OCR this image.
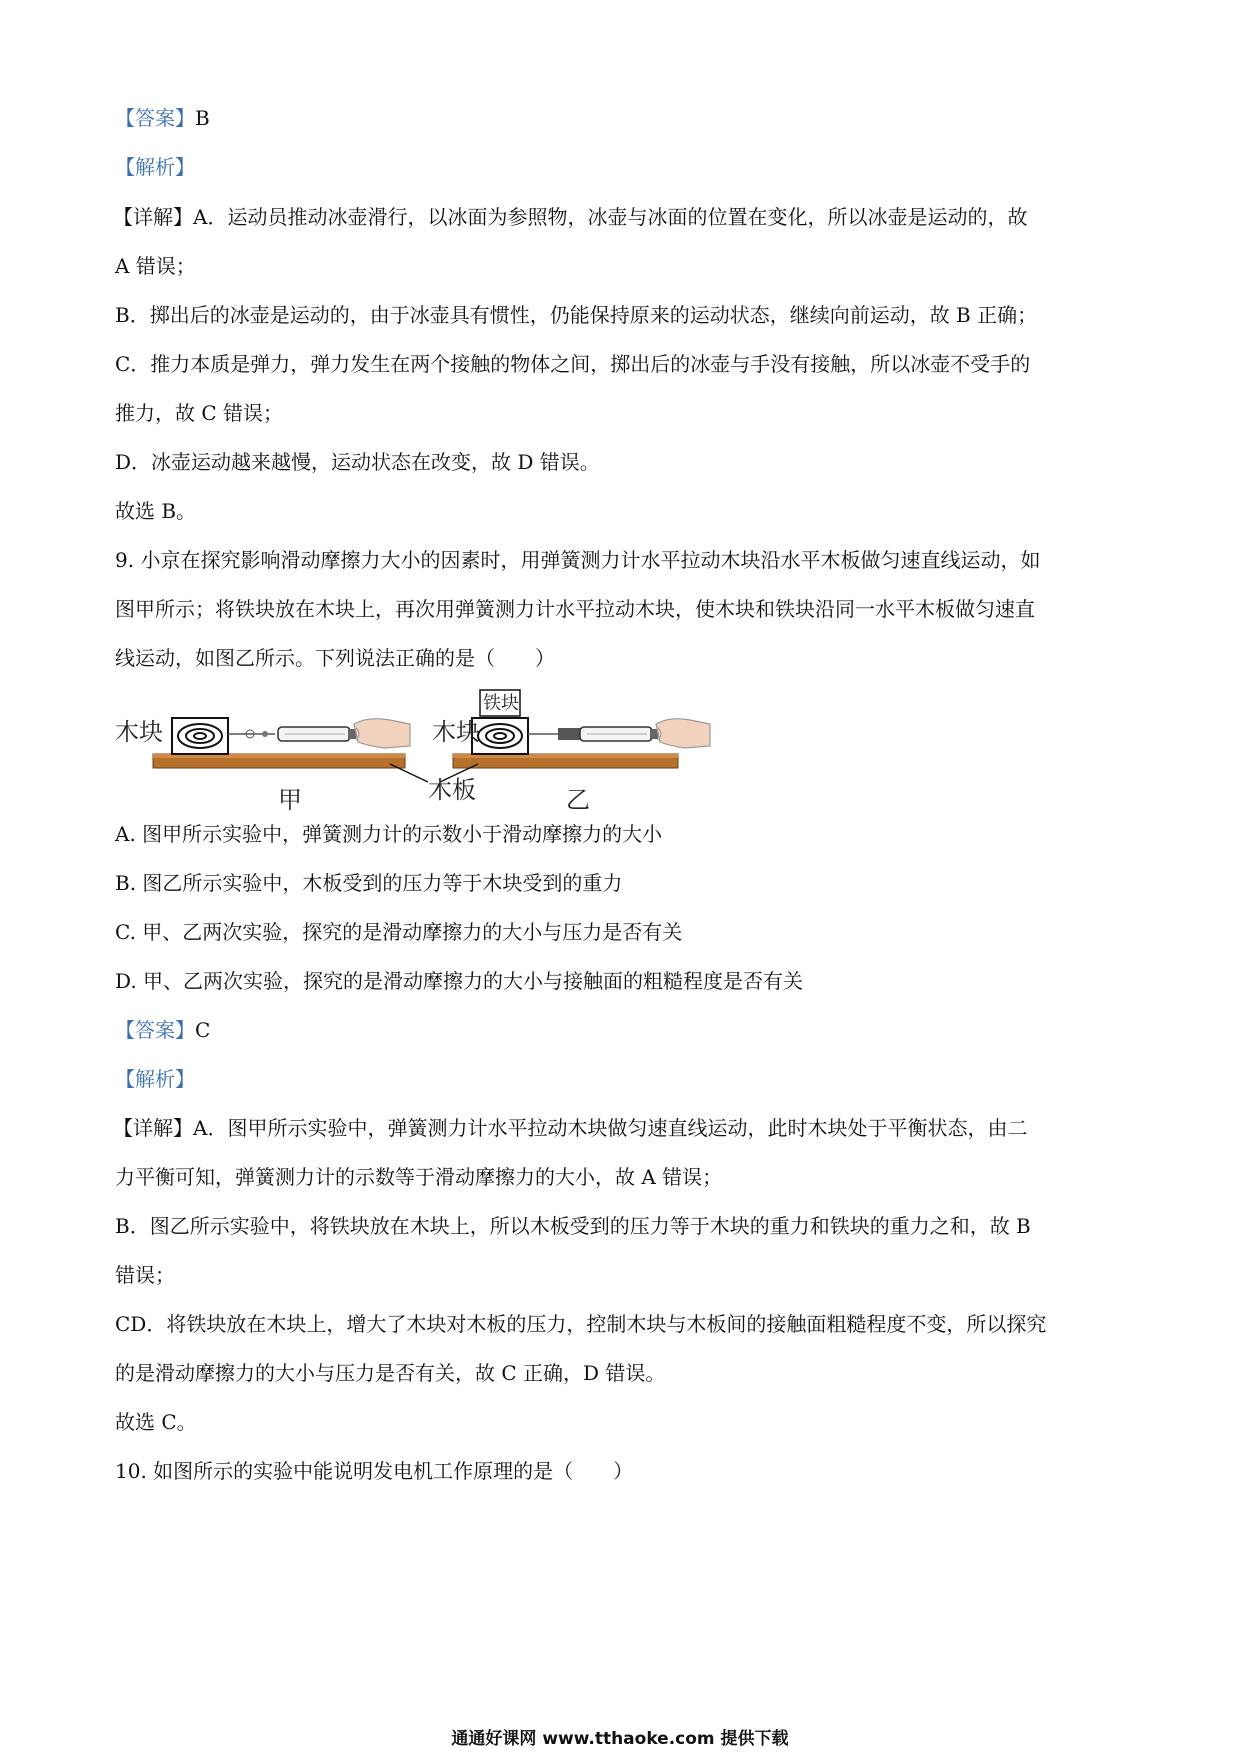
【答案】B
【解析】
【详解】A．运动员推动冰壶滑行，以冰面为参照物，冰壶与冰面的位置在变化，所以冰壶是运动的，故
A 错误；
B．掷出后的冰壶是运动的，由于冰壶具有惯性，仍能保持原来的运动状态，继续向前运动，故 B 正确；
C．推力本质是弹力，弹力发生在两个接触的物体之间，掷出后的冰壶与手没有接触，所以冰壶不受手的
推力，故 C 错误；
D．冰壶运动越来越慢，运动状态在改变，故 D 错误。
故选 B。
9. 小京在探究影响滑动摩擦力大小的因素时，用弹簧测力计水平拉动木块沿水平木板做匀速直线运动，如
图甲所示；将铁块放在木块上，再次用弹簧测力计水平拉动木块，使木块和铁块沿同一水平木板做匀速直
线运动，如图乙所示。下列说法正确的是（　　）
木块	木块
铁块
木板
甲	乙
A. 图甲所示实验中，弹簧测力计的示数小于滑动摩擦力的大小
B. 图乙所示实验中，木板受到的压力等于木块受到的重力
C. 甲、乙两次实验，探究的是滑动摩擦力的大小与压力是否有关
D. 甲、乙两次实验，探究的是滑动摩擦力的大小与接触面的粗糙程度是否有关
【答案】C
【解析】
【详解】A．图甲所示实验中，弹簧测力计水平拉动木块做匀速直线运动，此时木块处于平衡状态，由二
力平衡可知，弹簧测力计的示数等于滑动摩擦力的大小，故 A 错误；
B．图乙所示实验中，将铁块放在木块上，所以木板受到的压力等于木块的重力和铁块的重力之和，故 B
错误；
CD．将铁块放在木块上，增大了木块对木板的压力，控制木块与木板间的接触面粗糙程度不变，所以探究
的是滑动摩擦力的大小与压力是否有关，故 C 正确，D 错误。
故选 C。
10. 如图所示的实验中能说明发电机工作原理的是（　　）
通通好课网 www.tthaoke.com 提供下载
